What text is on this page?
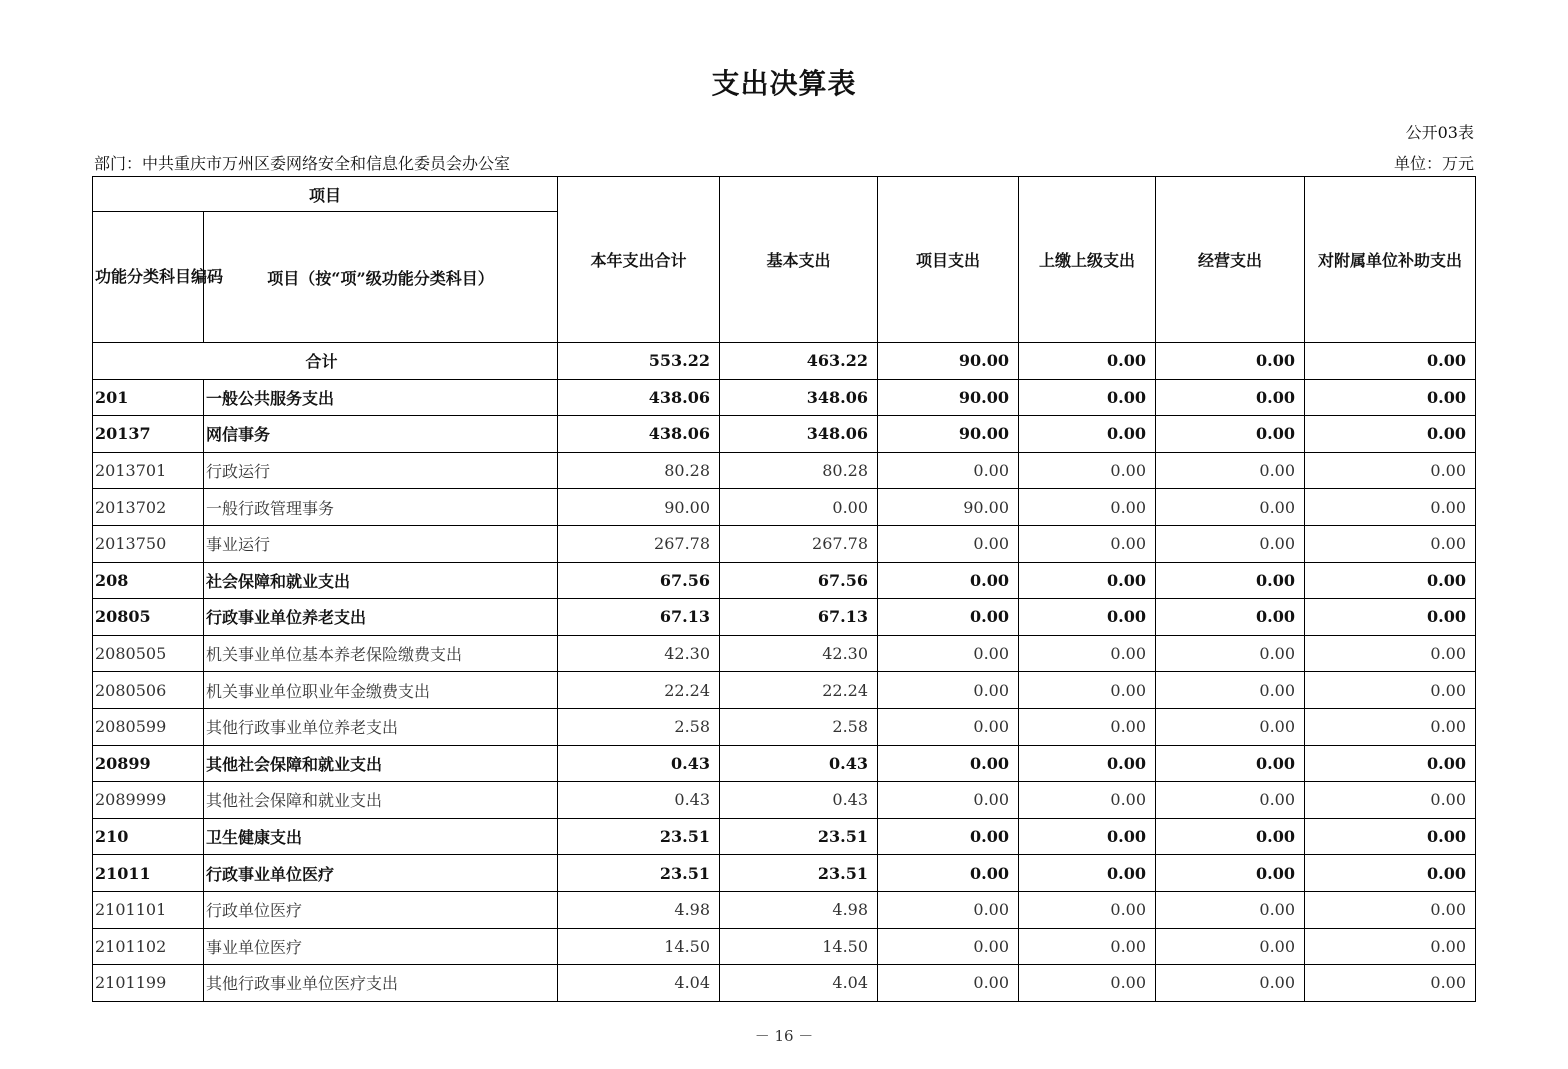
支出决算表
公开03表
部门：中共重庆市万州区委网络安全和信息化委员会办公室	单位：万元
项目		本年支出合计	基本支出	项目支出	上缴上级支出	经营支出	对附属单位补助支出
功能分类科目编码	项目（按“项”级功能分类科目）						
合计		553.22	463.22	90.00	0.00	0.00	0.00
201	一般公共服务支出	438.06	348.06	90.00	0.00	0.00	0.00
20137	网信事务	438.06	348.06	90.00	0.00	0.00	0.00
2013701	行政运行	80.28	80.28	0.00	0.00	0.00	0.00
2013702	一般行政管理事务	90.00	0.00	90.00	0.00	0.00	0.00
2013750	事业运行	267.78	267.78	0.00	0.00	0.00	0.00
208	社会保障和就业支出	67.56	67.56	0.00	0.00	0.00	0.00
20805	行政事业单位养老支出	67.13	67.13	0.00	0.00	0.00	0.00
2080505	机关事业单位基本养老保险缴费支出	42.30	42.30	0.00	0.00	0.00	0.00
2080506	机关事业单位职业年金缴费支出	22.24	22.24	0.00	0.00	0.00	0.00
2080599	其他行政事业单位养老支出	2.58	2.58	0.00	0.00	0.00	0.00
20899	其他社会保障和就业支出	0.43	0.43	0.00	0.00	0.00	0.00
2089999	其他社会保障和就业支出	0.43	0.43	0.00	0.00	0.00	0.00
210	卫生健康支出	23.51	23.51	0.00	0.00	0.00	0.00
21011	行政事业单位医疗	23.51	23.51	0.00	0.00	0.00	0.00
2101101	行政单位医疗	4.98	4.98	0.00	0.00	0.00	0.00
2101102	事业单位医疗	14.50	14.50	0.00	0.00	0.00	0.00
2101199	其他行政事业单位医疗支出	4.04	4.04	0.00	0.00	0.00	0.00
－ 16 －
